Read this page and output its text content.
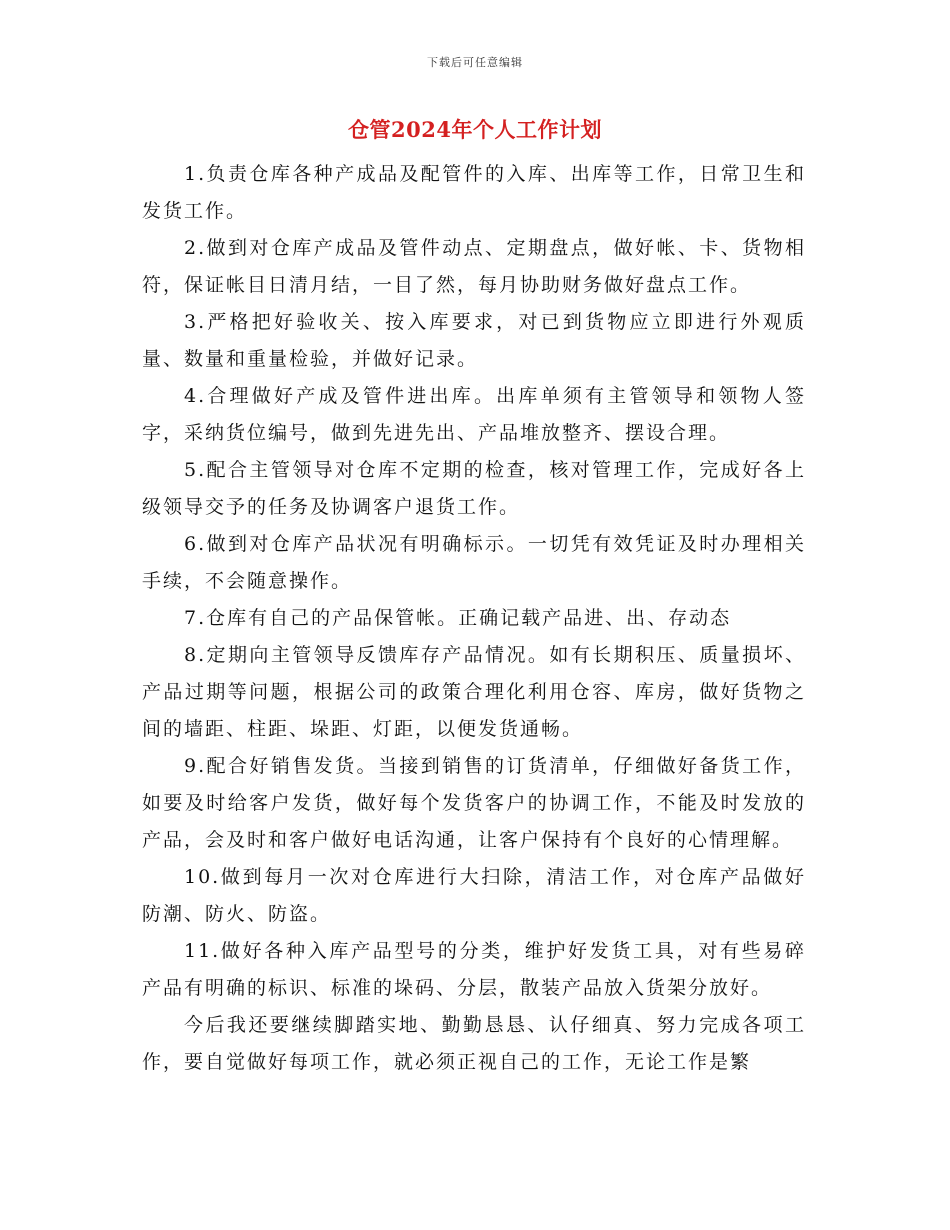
下载后可任意编辑
仓管2024年个人工作计划

1.负责仓库各种产成品及配管件的入库、出库等工作，日常卫生和发货工作。

2.做到对仓库产成品及管件动点、定期盘点，做好帐、卡、货物相符，保证帐目日清月结，一目了然，每月协助财务做好盘点工作。

3.严格把好验收关、按入库要求，对已到货物应立即进行外观质量、数量和重量检验，并做好记录。

4.合理做好产成及管件进出库。出库单须有主管领导和领物人签字，采纳货位编号，做到先进先出、产品堆放整齐、摆设合理。

5.配合主管领导对仓库不定期的检查，核对管理工作，完成好各上级领导交予的任务及协调客户退货工作。

6.做到对仓库产品状况有明确标示。一切凭有效凭证及时办理相关手续，不会随意操作。

7.仓库有自己的产品保管帐。正确记载产品进、出、存动态

8.定期向主管领导反馈库存产品情况。如有长期积压、质量损坏、产品过期等问题，根据公司的政策合理化利用仓容、库房，做好货物之间的墙距、柱距、垛距、灯距，以便发货通畅。

9.配合好销售发货。当接到销售的订货清单，仔细做好备货工作，如要及时给客户发货，做好每个发货客户的协调工作，不能及时发放的产品，会及时和客户做好电话沟通，让客户保持有个良好的心情理解。

10.做到每月一次对仓库进行大扫除，清洁工作，对仓库产品做好防潮、防火、防盗。

11.做好各种入库产品型号的分类，维护好发货工具，对有些易碎产品有明确的标识、标准的垛码、分层，散装产品放入货架分放好。

今后我还要继续脚踏实地、勤勤恳恳、认仔细真、努力完成各项工作，要自觉做好每项工作，就必须正视自己的工作，无论工作是繁
